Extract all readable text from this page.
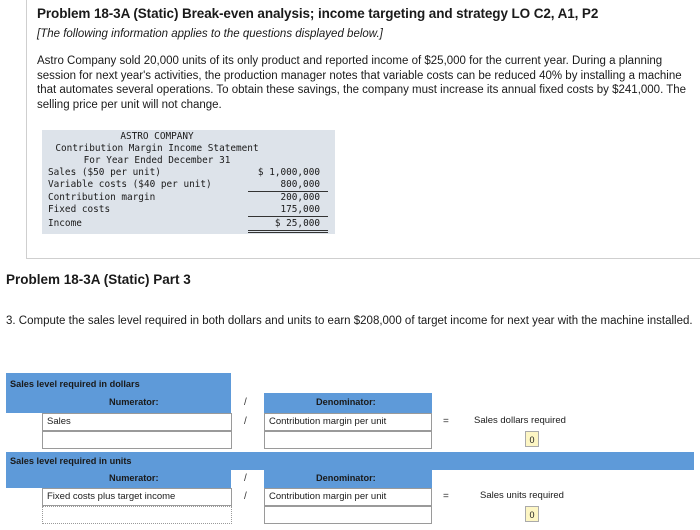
Problem 18-3A (Static) Break-even analysis; income targeting and strategy LO C2, A1, P2
[The following information applies to the questions displayed below.]
Astro Company sold 20,000 units of its only product and reported income of $25,000 for the current year. During a planning session for next year's activities, the production manager notes that variable costs can be reduced 40% by installing a machine that automates several operations. To obtain these savings, the company must increase its annual fixed costs by $241,000. The selling price per unit will not change.
ASTRO COMPANY
Contribution Margin Income Statement
For Year Ended December 31
Sales ($50 per unit)	$ 1,000,000
Variable costs ($40 per unit)	800,000
Contribution margin	200,000
Fixed costs	175,000
Income	$ 25,000
Problem 18-3A (Static) Part 3
3. Compute the sales level required in both dollars and units to earn $208,000 of target income for next year with the machine installed.
Sales level required in dollars
Numerator:	Denominator:
/
Sales	/	Contribution margin per unit	=	Sales dollars required
0
Sales level required in units
Numerator:	/	Denominator:
Fixed costs plus target income	/	Contribution margin per unit	=	Sales units required
0
